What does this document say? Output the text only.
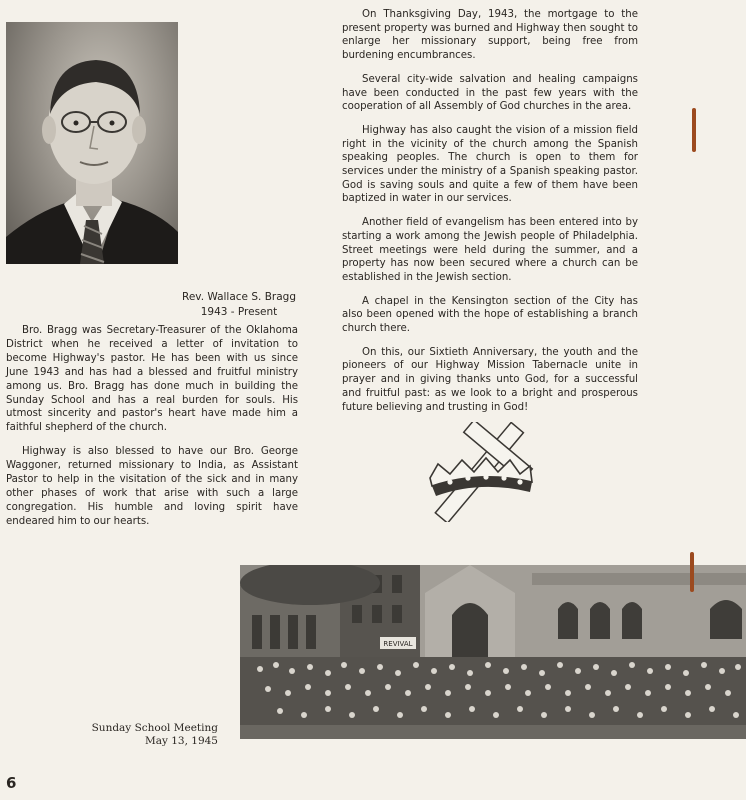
Rev. Wallace S. Bragg
1943 - Present

Bro. Bragg was Secretary-Treasurer of the Oklahoma District when he received a letter of invitation to become Highway's pastor. He has been with us since June 1943 and has had a blessed and fruitful ministry among us. Bro. Bragg has done much in building the Sunday School and has a real burden for souls. His utmost sincerity and pastor's heart have made him a faithful shepherd of the church.

Highway is also blessed to have our Bro. George Waggoner, returned missionary to India, as Assistant Pastor to help in the visitation of the sick and in many other phases of work that arise with such a large congregation. His humble and loving spirit have endeared him to our hearts.

On Thanksgiving Day, 1943, the mortgage to the present property was burned and Highway then sought to enlarge her missionary support, being free from burdening encumbrances.

Several city-wide salvation and healing campaigns have been conducted in the past few years with the cooperation of all Assembly of God churches in the area.

Highway has also caught the vision of a mission field right in the vicinity of the church among the Spanish speaking peoples. The church is open to them for services under the ministry of a Spanish speaking pastor. God is saving souls and quite a few of them have been baptized in water in our services.

Another field of evangelism has been entered into by starting a work among the Jewish people of Philadelphia. Street meetings were held during the summer, and a property has now been secured where a church can be established in the Jewish section.

A chapel in the Kensington section of the City has also been opened with the hope of establishing a branch church there.

On this, our Sixtieth Anniversary, the youth and the pioneers of our Highway Mission Tabernacle unite in prayer and in giving thanks unto God, for a successful and fruitful past: as we look to a bright and prosperous future believing and trusting in God!

REVIVAL
Sunday School Meeting
May 13, 1945
6
